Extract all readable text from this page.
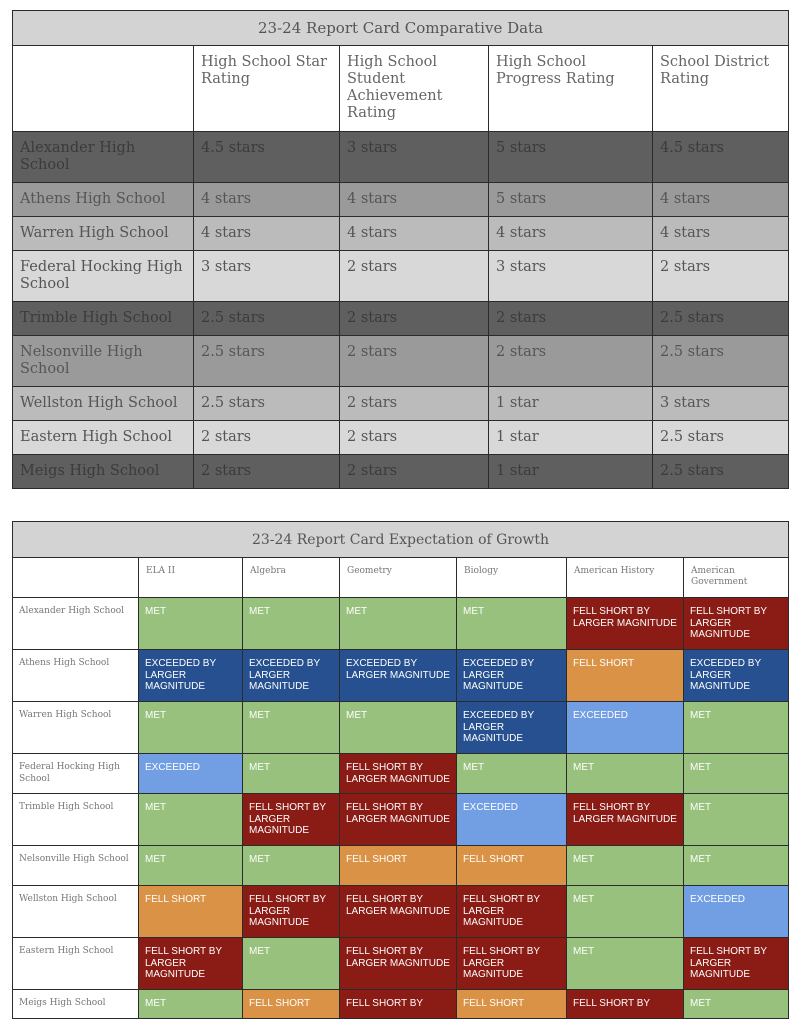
23-24 Report Card Comparative Data				
	High School Star Rating	High School Student Achievement Rating	High School Progress Rating	School District Rating
Alexander High School	4.5 stars	3 stars	5 stars	4.5 stars
Athens High School	4 stars	4 stars	5 stars	4 stars
Warren High School	4 stars	4 stars	4 stars	4 stars
Federal Hocking High School	3 stars	2 stars	3 stars	2 stars
Trimble High School	2.5 stars	2 stars	2 stars	2.5 stars
Nelsonville High School	2.5 stars	2 stars	2 stars	2.5 stars
Wellston High School	2.5 stars	2 stars	1 star	3 stars
Eastern High School	2 stars	2 stars	1 star	2.5 stars
Meigs High School	2 stars	2 stars	1 star	2.5 stars
23-24 Report Card Expectation of Growth						
	ELA II	Algebra	Geometry	Biology	American History	American Government
Alexander High School	MET	MET	MET	MET	FELL SHORT BY LARGER MAGNITUDE	FELL SHORT BY LARGER MAGNITUDE
Athens High School	EXCEEDED BY LARGER MAGNITUDE	EXCEEDED BY LARGER MAGNITUDE	EXCEEDED BY LARGER MAGNITUDE	EXCEEDED BY LARGER MAGNITUDE	FELL SHORT	EXCEEDED BY LARGER MAGNITUDE
Warren High School	MET	MET	MET	EXCEEDED BY LARGER MAGNITUDE	EXCEEDED	MET
Federal Hocking High School	EXCEEDED	MET	FELL SHORT BY LARGER MAGNITUDE	MET	MET	MET
Trimble High School	MET	FELL SHORT BY LARGER MAGNITUDE	FELL SHORT BY LARGER MAGNITUDE	EXCEEDED	FELL SHORT BY LARGER MAGNITUDE	MET
Nelsonville High School	MET	MET	FELL SHORT	FELL SHORT	MET	MET
Wellston High School	FELL SHORT	FELL SHORT BY LARGER MAGNITUDE	FELL SHORT BY LARGER MAGNITUDE	FELL SHORT BY LARGER MAGNITUDE	MET	EXCEEDED
Eastern High School	FELL SHORT BY LARGER MAGNITUDE	MET	FELL SHORT BY LARGER MAGNITUDE	FELL SHORT BY LARGER MAGNITUDE	MET	FELL SHORT BY LARGER MAGNITUDE
Meigs High School	MET	FELL SHORT	FELL SHORT BY	FELL SHORT	FELL SHORT BY	MET
